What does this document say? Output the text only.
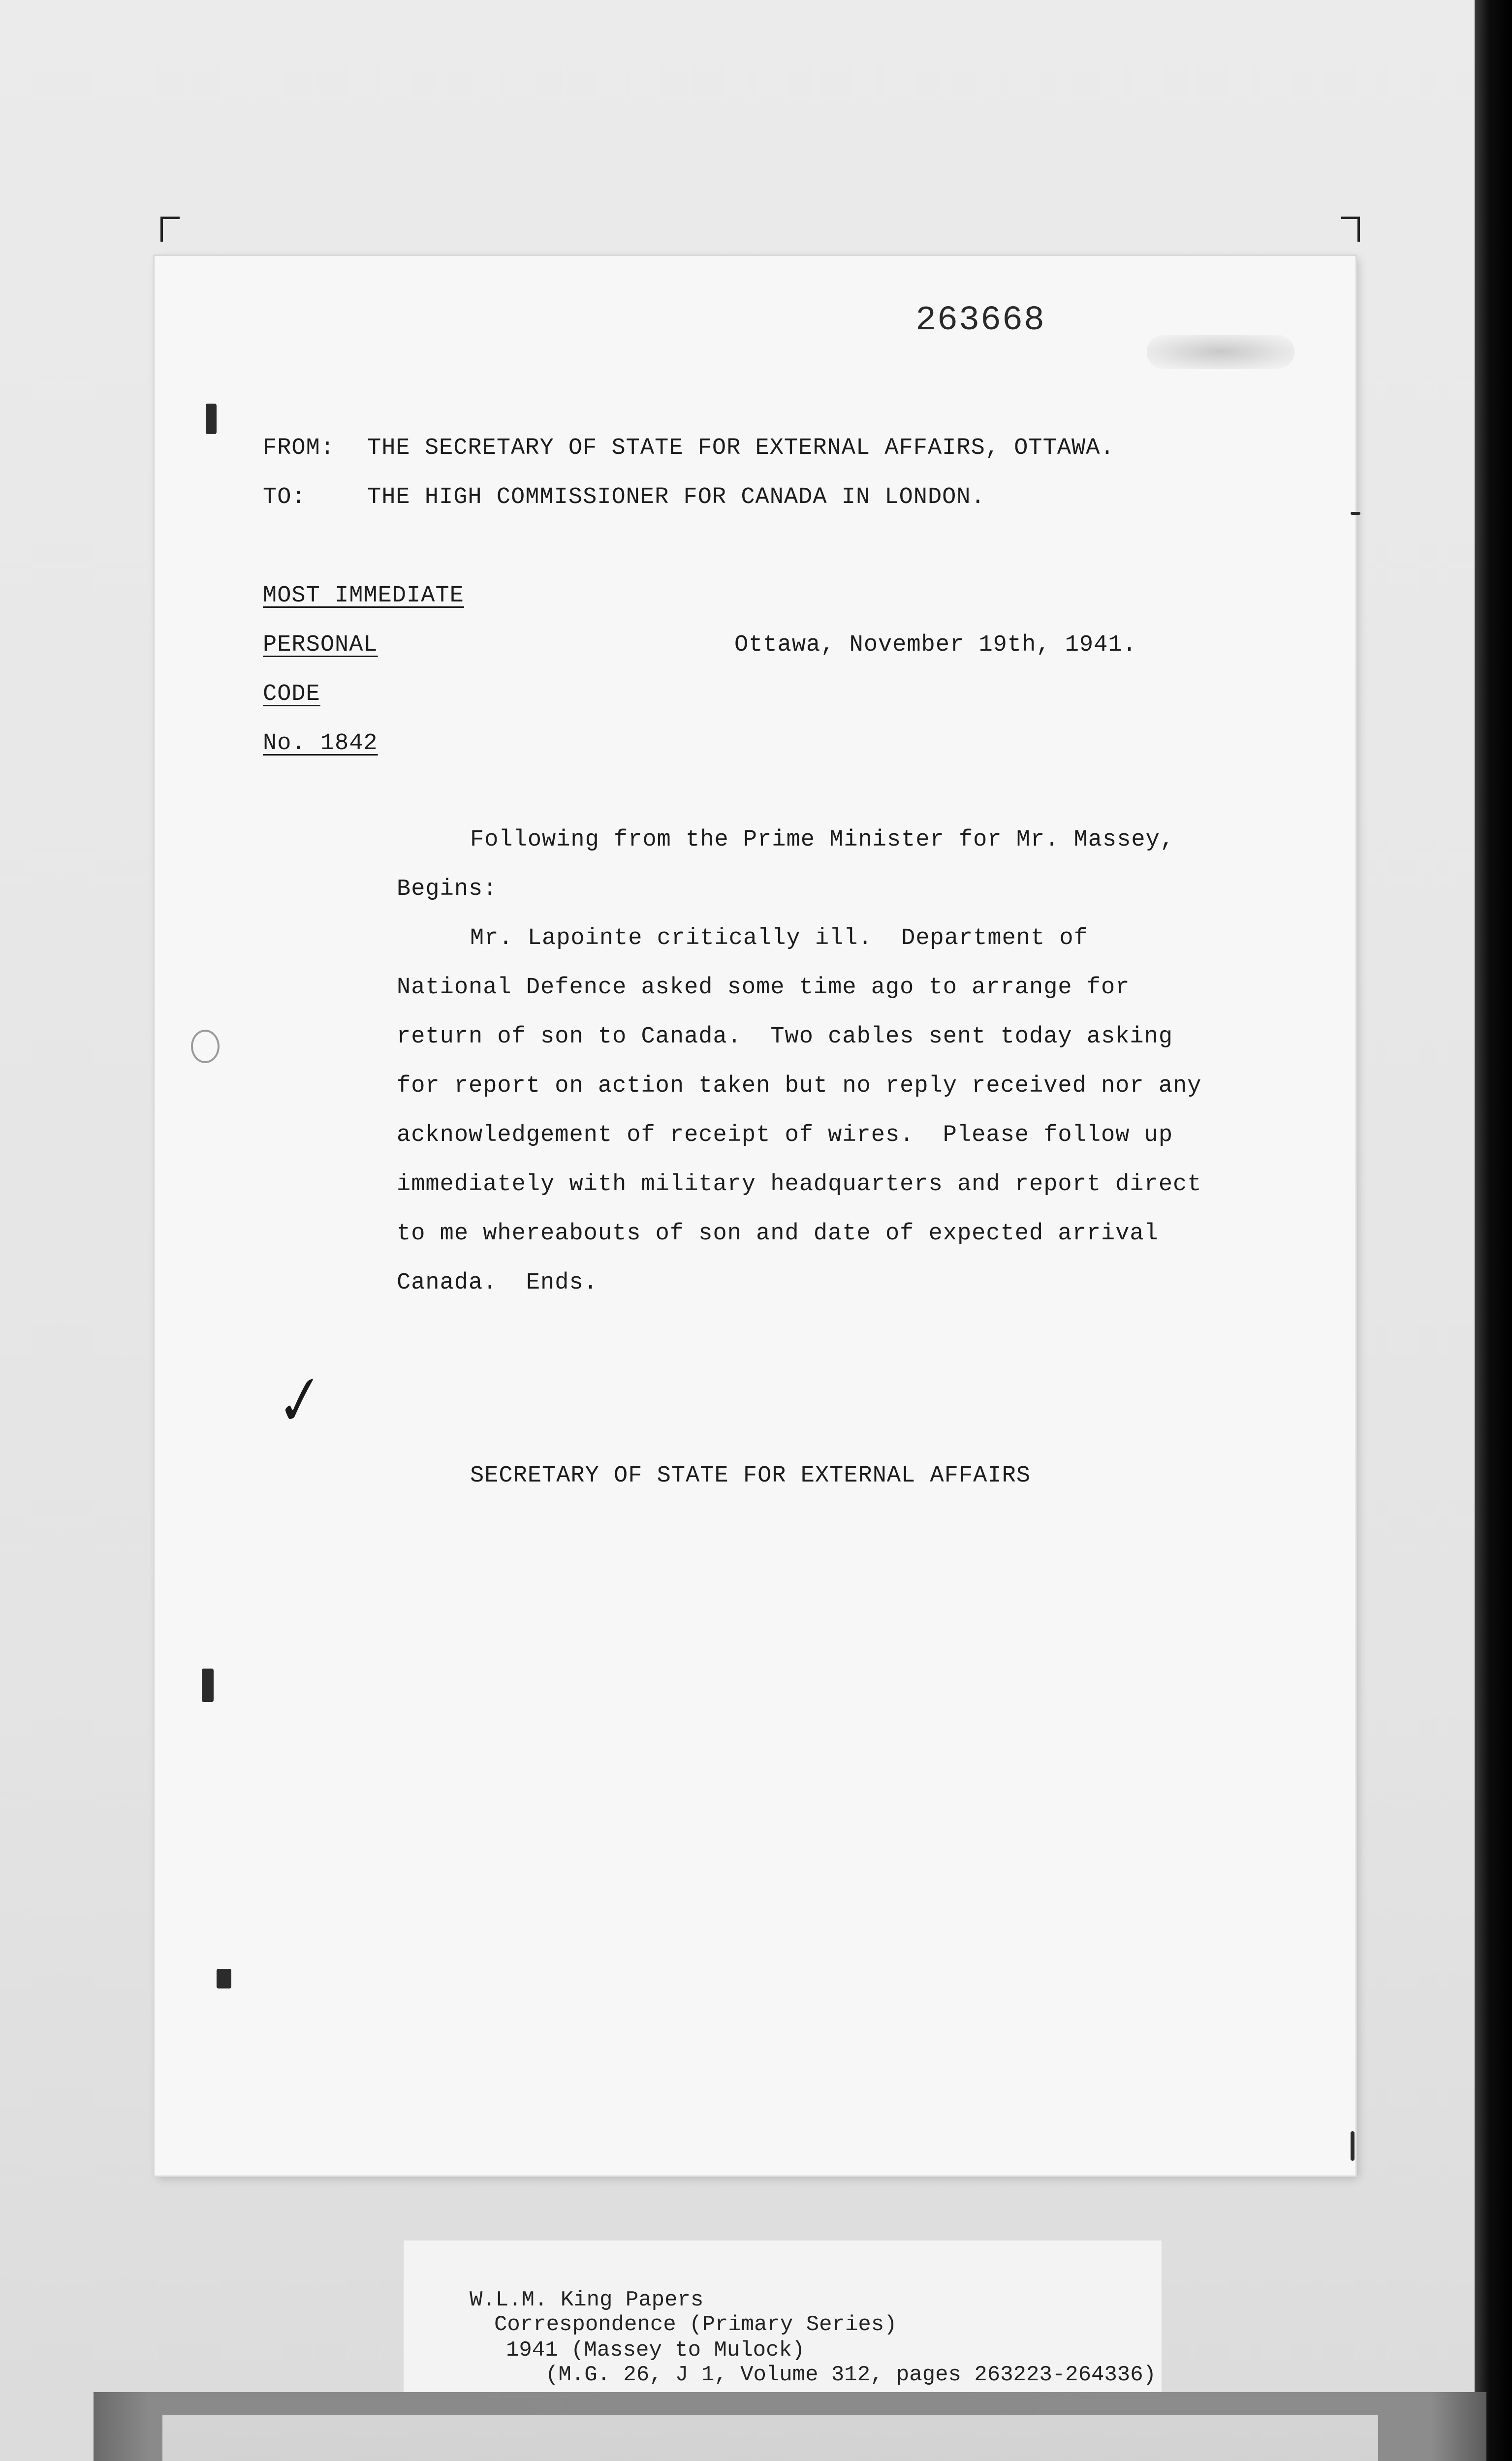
263668
FROM: THE SECRETARY OF STATE FOR EXTERNAL AFFAIRS, OTTAWA.
TO:	THE HIGH COMMISSIONER FOR CANADA IN LONDON.
MOST IMMEDIATE
PERSONAL	Ottawa, November 19th, 1941.
CODE
No. 1842
Following from the Prime Minister for Mr. Massey,
Begins:
Mr. Lapointe critically ill.  Department of
National Defence asked some time ago to arrange for
return of son to Canada.  Two cables sent today asking
for report on action taken but no reply received nor any
acknowledgement of receipt of wires.  Please follow up
immediately with military headquarters and report direct
to me whereabouts of son and date of expected arrival
Canada.  Ends.
✓
SECRETARY OF STATE FOR EXTERNAL AFFAIRS
W.L.M. King Papers
Correspondence (Primary Series)
1941 (Massey to Mulock)
(M.G. 26, J 1, Volume 312, pages 263223-264336)
